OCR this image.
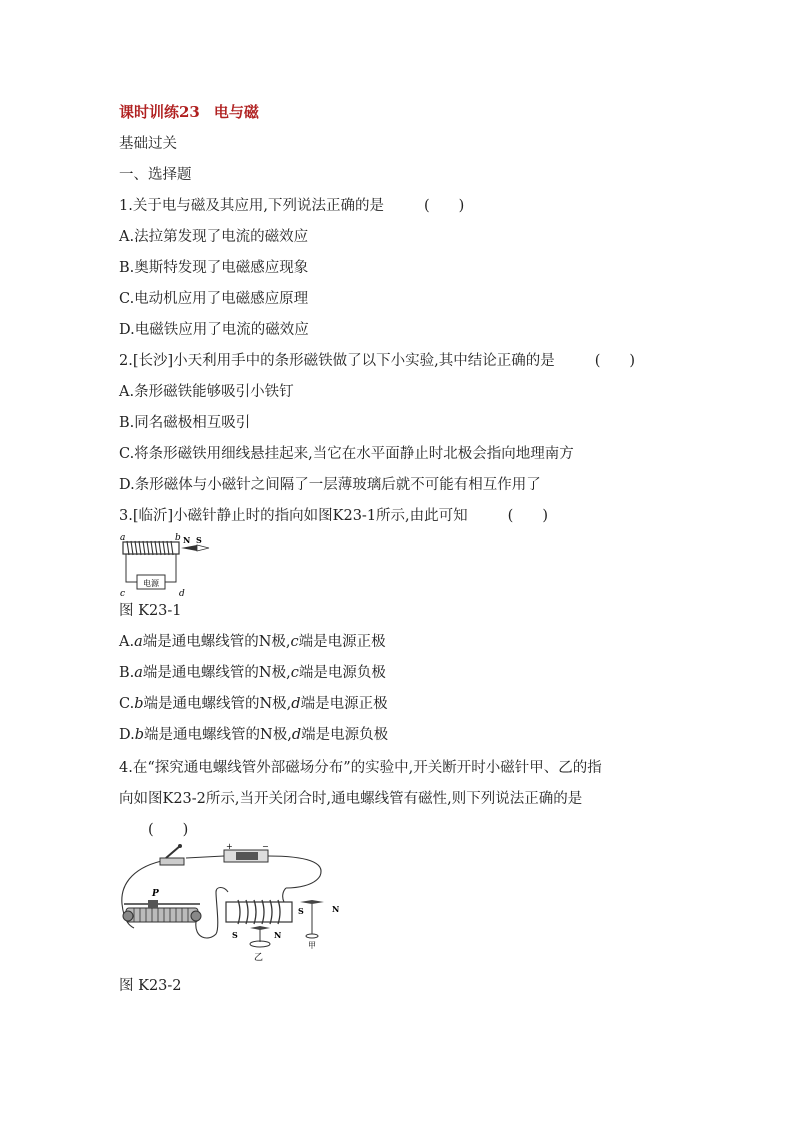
课时训练23 电与磁
基础过关
一、选择题
1.关于电与磁及其应用,下列说法正确的是	(　　)
A.法拉第发现了电流的磁效应
B.奥斯特发现了电磁感应现象
C.电动机应用了电磁感应原理
D.电磁铁应用了电流的磁效应
2.[长沙]小天利用手中的条形磁铁做了以下小实验,其中结论正确的是	(　　)
A.条形磁铁能够吸引小铁钉
B.同名磁极相互吸引
C.将条形磁铁用细线悬挂起来,当它在水平面静止时北极会指向地理南方
D.条形磁体与小磁针之间隔了一层薄玻璃后就不可能有相互作用了
3.[临沂]小磁针静止时的指向如图K23-1所示,由此可知	(　　)
a	b N S
电源
c	d
图 K23-1
A.a端是通电螺线管的N极,c端是电源正极
B.a端是通电螺线管的N极,c端是电源负极
C.b端是通电螺线管的N极,d端是电源正极
D.b端是通电螺线管的N极,d端是电源负极
4.在“探究通电螺线管外部磁场分布”的实验中,开关断开时小磁针甲、乙的指
向如图K23-2所示,当开关闭合时,通电螺线管有磁性,则下列说法正确的是
(　　)
+	−
P
S	N
甲
S	N
乙
图 K23-2
